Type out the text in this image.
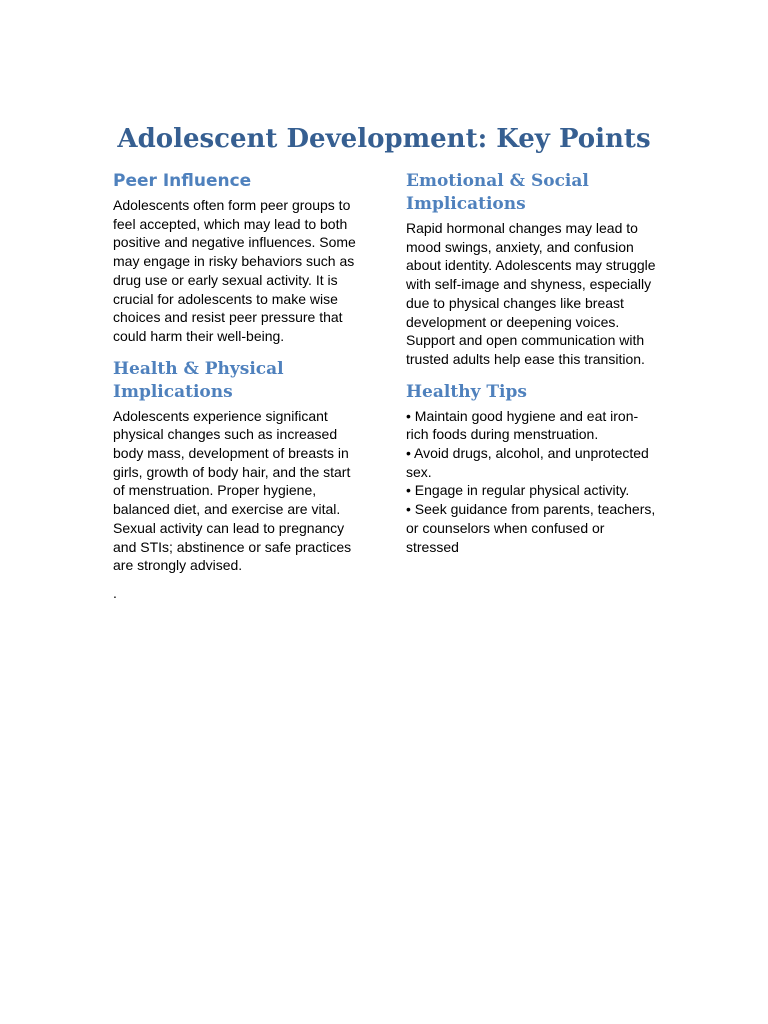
Adolescent Development: Key Points
Peer Influence

Adolescents often form peer groups to feel accepted, which may lead to both positive and negative influences. Some may engage in risky behaviors such as drug use or early sexual activity. It is crucial for adolescents to make wise choices and resist peer pressure that could harm their well-being.

Health & Physical Implications

Adolescents experience significant physical changes such as increased body mass, development of breasts in girls, growth of body hair, and the start of menstruation. Proper hygiene, balanced diet, and exercise are vital. Sexual activity can lead to pregnancy and STIs; abstinence or safe practices are strongly advised.

Emotional & Social Implications

Rapid hormonal changes may lead to mood swings, anxiety, and confusion about identity. Adolescents may struggle with self-image and shyness, especially due to physical changes like breast development or deepening voices. Support and open communication with trusted adults help ease this transition.

Healthy Tips
• Maintain good hygiene and eat iron-rich foods during menstruation.
• Avoid drugs, alcohol, and unprotected sex.
• Engage in regular physical activity.
• Seek guidance from parents, teachers, or counselors when confused or stressed
.
